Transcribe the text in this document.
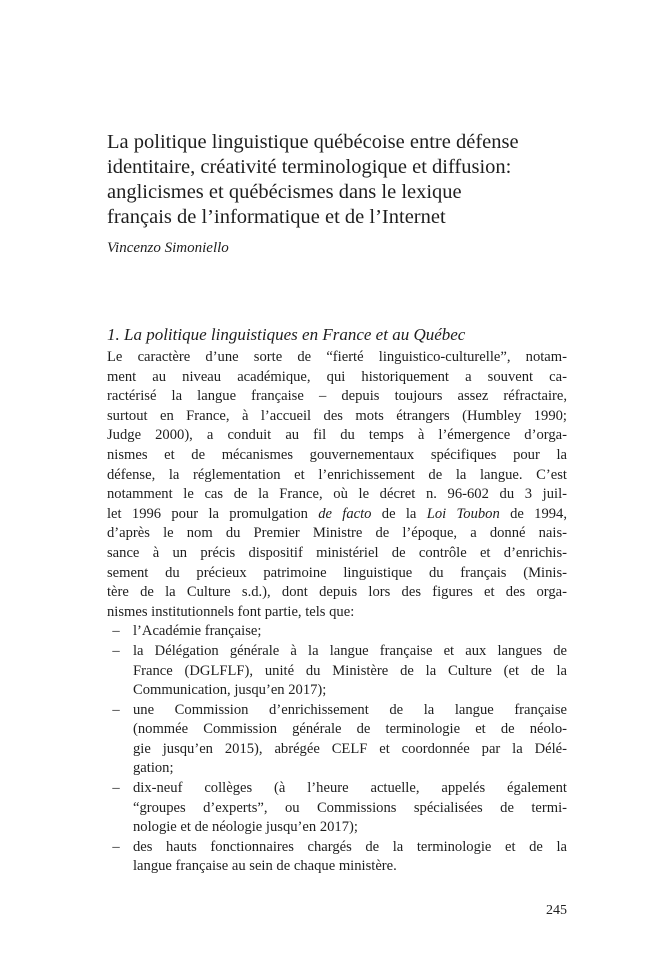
La politique linguistique québécoise entre défense
identitaire, créativité terminologique et diffusion:
anglicismes et québécismes dans le lexique
français de l’informatique et de l’Internet

Vincenzo Simoniello

1. La politique linguistiques en France et au Québec
Le caractère d’une sorte de “fierté linguistico-culturelle”, notam-
ment au niveau académique, qui historiquement a souvent ca-
ractérisé la langue française – depuis toujours assez réfractaire,
surtout en France, à l’accueil des mots étrangers (Humbley 1990;
Judge 2000), a conduit au fil du temps à l’émergence d’orga-
nismes et de mécanismes gouvernementaux spécifiques pour la
défense, la réglementation et l’enrichissement de la langue. C’est
notamment le cas de la France, où le décret n. 96-602 du 3 juil-
let 1996 pour la promulgation de facto de la Loi Toubon de 1994,
d’après le nom du Premier Ministre de l’époque, a donné nais-
sance à un précis dispositif ministériel de contrôle et d’enrichis-
sement du précieux patrimoine linguistique du français (Minis-
tère de la Culture s.d.), dont depuis lors des figures et des orga-
nismes institutionnels font partie, tels que:
– l’Académie française;
– la Délégation générale à la langue française et aux langues de
France (DGLFLF), unité du Ministère de la Culture (et de la
Communication, jusqu’en 2017);
– une Commission d’enrichissement de la langue française
(nommée Commission générale de terminologie et de néolo-
gie jusqu’en 2015), abrégée CELF et coordonnée par la Délé-
gation;
– dix-neuf collèges (à l’heure actuelle, appelés également
“groupes d’experts”, ou Commissions spécialisées de termi-
nologie et de néologie jusqu’en 2017);
– des hauts fonctionnaires chargés de la terminologie et de la
langue française au sein de chaque ministère.
245
